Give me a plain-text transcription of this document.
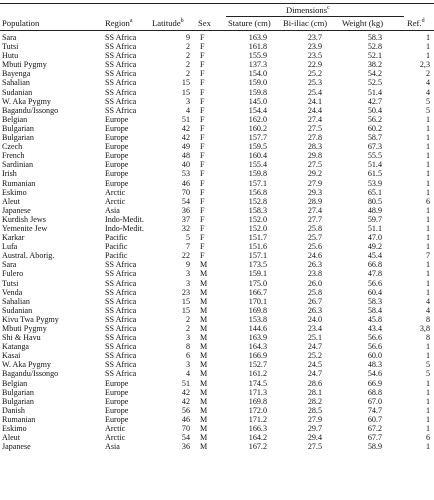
Dimensions$^c$
Population	Region$^a$ Latitude$^b$ Sex Stature (cm) Bi-iliac (cm) Weight (kg)	Ref.$^d$
Sara	SS Africa	9 F	163.9	23.7	58.3	1
Tutsi	SS Africa	2 F	161.8	23.9	52.8	1
Hutu	SS Africa	2 F	155.9	23.5	52.1	1
Mbuti Pygmy	SS Africa	2 F	137.3	22.9	38.2	2,3
Bayenga	SS Africa	2 F	154.0	25.2	54.2	2
Sahalian	SS Africa	15 F	159.0	25.3	52.5	4
Sudanian	SS Africa	15 F	159.8	25.4	51.4	4
W. Aka Pygmy	SS Africa	3 F	145.0	24.1	42.7	5
Bagandu/Issongo	SS Africa	4 F	154.4	24.4	50.4	5
Belgian	Europe	51 F	162.0	27.4	56.2	1
Bulgarian	Europe	42 F	160.2	27.5	60.2	1
Bulgarian	Europe	42 F	157.7	27.8	58.7	1
Czech	Europe	49 F	159.5	28.3	67.3	1
French	Europe	48 F	160.4	29.8	55.5	1
Sardinian	Europe	40 F	155.4	27.5	51.4	1
Irish	Europe	53 F	159.8	29.2	61.5	1
Rumanian	Europe	46 F	157.1	27.9	53.9	1
Eskimo	Arctic	70 F	156.8	29.3	65.1	1
Aleut	Arctic	54 F	152.8	28.9	80.5	6
Japanese	Asia	36 F	158.3	27.4	48.9	1
Kurdish Jews	Indo-Medit.	37 F	152.0	27.7	59.7	1
Yemenite Jew	Indo-Medit.	32 F	152.0	25.8	51.1	1
Karkar	Pacific	5 F	151.7	25.7	47.0	1
Lufa	Pacific	7 F	151.6	25.6	49.2	1
Austral. Aborig.	Pacific	22 F	157.1	24.6	45.4	7
Sara	SS Africa	9 M	173.5	26.3	66.8	1
Fulero	SS Africa	3 M	159.1	23.8	47.8	1
Tutsi	SS Africa	3 M	175.0	26.0	56.6	1
Venda	SS Africa	23 M	166.7	25.8	60.4	1
Sahalian	SS Africa	15 M	170.1	26.7	58.3	4
Sudanian	SS Africa	15 M	169.8	26.3	58.4	4
Kivu Twa Pygmy	SS Africa	2 M	153.8	24.0	45.8	8
Mbuti Pygmy	SS Africa	2 M	144.6	23.4	43.4	3,8
Shi & Havu	SS Africa	3 M	163.9	25.1	56.6	8
Katanga	SS Africa	8 M	164.3	24.7	56.6	1
Kasai	SS Africa	6 M	166.9	25.2	60.0	1
W. Aka Pygmy	SS Africa	3 M	152.7	24.5	48.3	5
Bagandu/Issongo	SS Africa	4 M	161.2	24.7	54.6	5
Belgian	Europe	51 M	174.5	28.6	66.9	1
Bulgarian	Europe	42 M	171.3	28.1	68.8	1
Bulgarian	Europe	42 M	169.8	28.2	67.0	1
Danish	Europe	56 M	172.0	28.5	74.7	1
Rumanian	Europe	46 M	171.2	27.9	60.7	1
Eskimo	Arctic	70 M	166.3	29.7	67.2	1
Aleut	Arctic	54 M	164.2	29.4	67.7	6
Japanese	Asia	36 M	167.2	27.5	58.9	1
